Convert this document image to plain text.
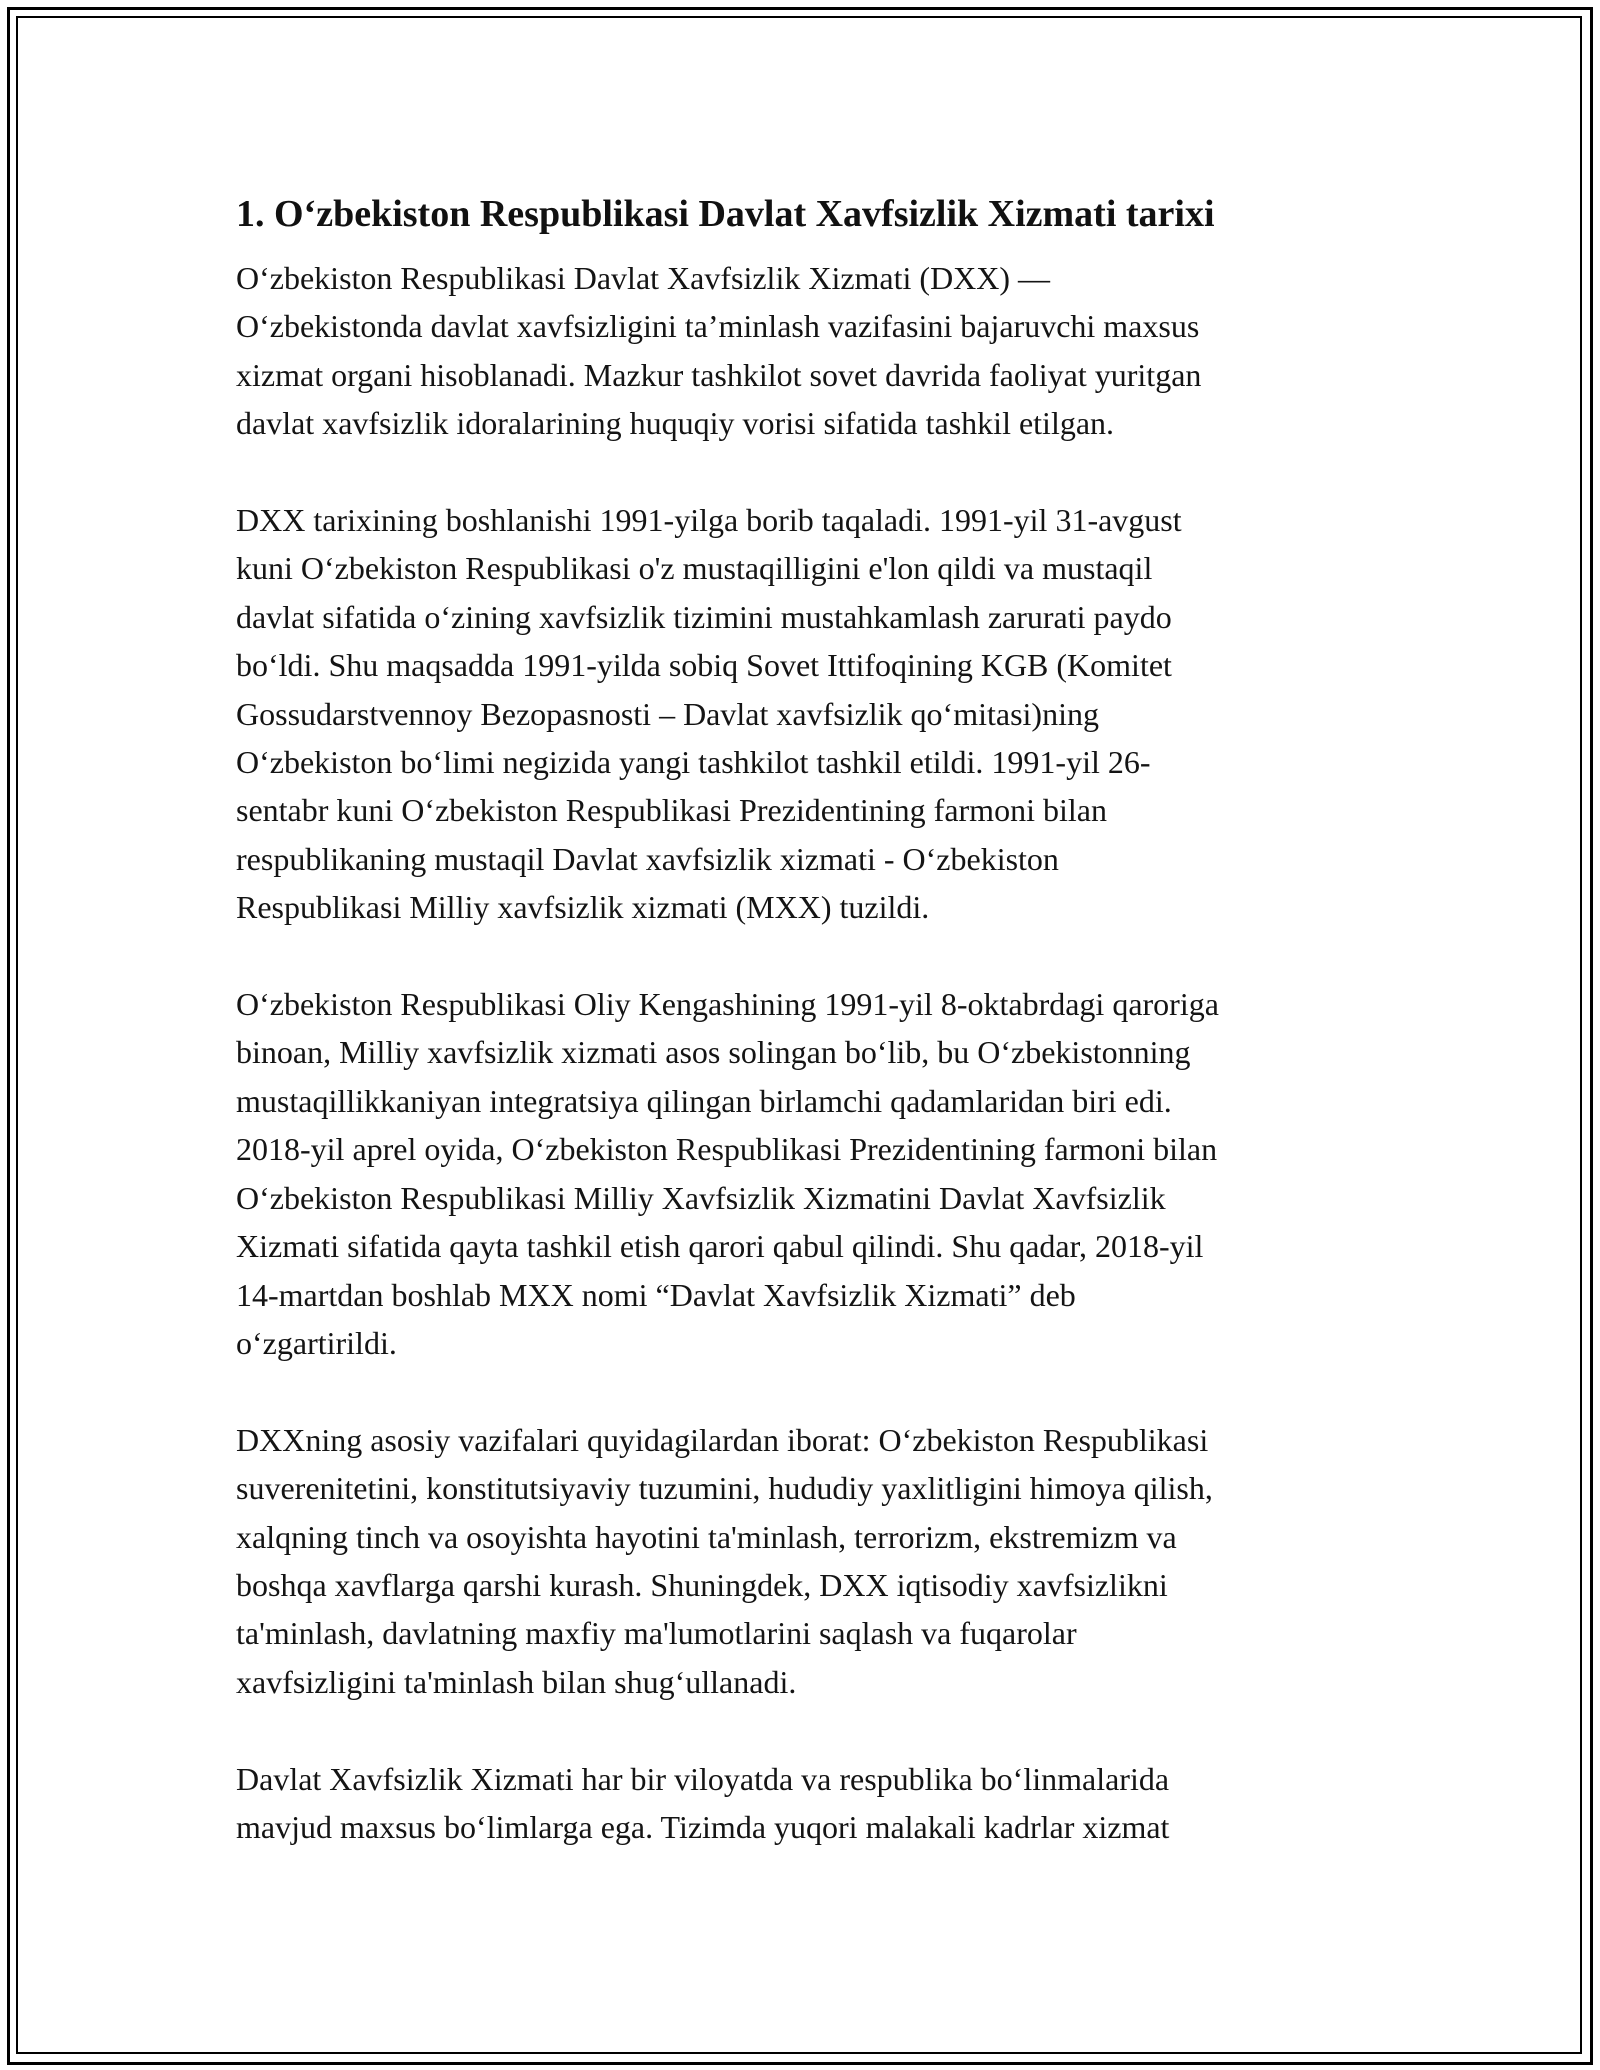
1. O‘zbekiston Respublikasi Davlat Xavfsizlik Xizmati tarixi

O‘zbekiston Respublikasi Davlat Xavfsizlik Xizmati (DXX) —
O‘zbekistonda davlat xavfsizligini ta’minlash vazifasini bajaruvchi maxsus
xizmat organi hisoblanadi. Mazkur tashkilot sovet davrida faoliyat yuritgan
davlat xavfsizlik idoralarining huquqiy vorisi sifatida tashkil etilgan.

DXX tarixining boshlanishi 1991-yilga borib taqaladi. 1991-yil 31-avgust
kuni O‘zbekiston Respublikasi o'z mustaqilligini e'lon qildi va mustaqil
davlat sifatida o‘zining xavfsizlik tizimini mustahkamlash zarurati paydo
bo‘ldi. Shu maqsadda 1991-yilda sobiq Sovet Ittifoqining KGB (Komitet
Gossudarstvennoy Bezopasnosti – Davlat xavfsizlik qo‘mitasi)ning
O‘zbekiston bo‘limi negizida yangi tashkilot tashkil etildi. 1991-yil 26-
sentabr kuni O‘zbekiston Respublikasi Prezidentining farmoni bilan
respublikaning mustaqil Davlat xavfsizlik xizmati - O‘zbekiston
Respublikasi Milliy xavfsizlik xizmati (MXX) tuzildi.

O‘zbekiston Respublikasi Oliy Kengashining 1991-yil 8-oktabrdagi qaroriga
binoan, Milliy xavfsizlik xizmati asos solingan bo‘lib, bu O‘zbekistonning
mustaqillikkaniyan integratsiya qilingan birlamchi qadamlaridan biri edi.
2018-yil aprel oyida, O‘zbekiston Respublikasi Prezidentining farmoni bilan
O‘zbekiston Respublikasi Milliy Xavfsizlik Xizmatini Davlat Xavfsizlik
Xizmati sifatida qayta tashkil etish qarori qabul qilindi. Shu qadar, 2018-yil
14-martdan boshlab MXX nomi “Davlat Xavfsizlik Xizmati” deb
o‘zgartirildi.

DXXning asosiy vazifalari quyidagilardan iborat: O‘zbekiston Respublikasi
suverenitetini, konstitutsiyaviy tuzumini, hududiy yaxlitligini himoya qilish,
xalqning tinch va osoyishta hayotini ta'minlash, terrorizm, ekstremizm va
boshqa xavflarga qarshi kurash. Shuningdek, DXX iqtisodiy xavfsizlikni
ta'minlash, davlatning maxfiy ma'lumotlarini saqlash va fuqarolar
xavfsizligini ta'minlash bilan shug‘ullanadi.

Davlat Xavfsizlik Xizmati har bir viloyatda va respublika bo‘linmalarida
mavjud maxsus bo‘limlarga ega. Tizimda yuqori malakali kadrlar xizmat
